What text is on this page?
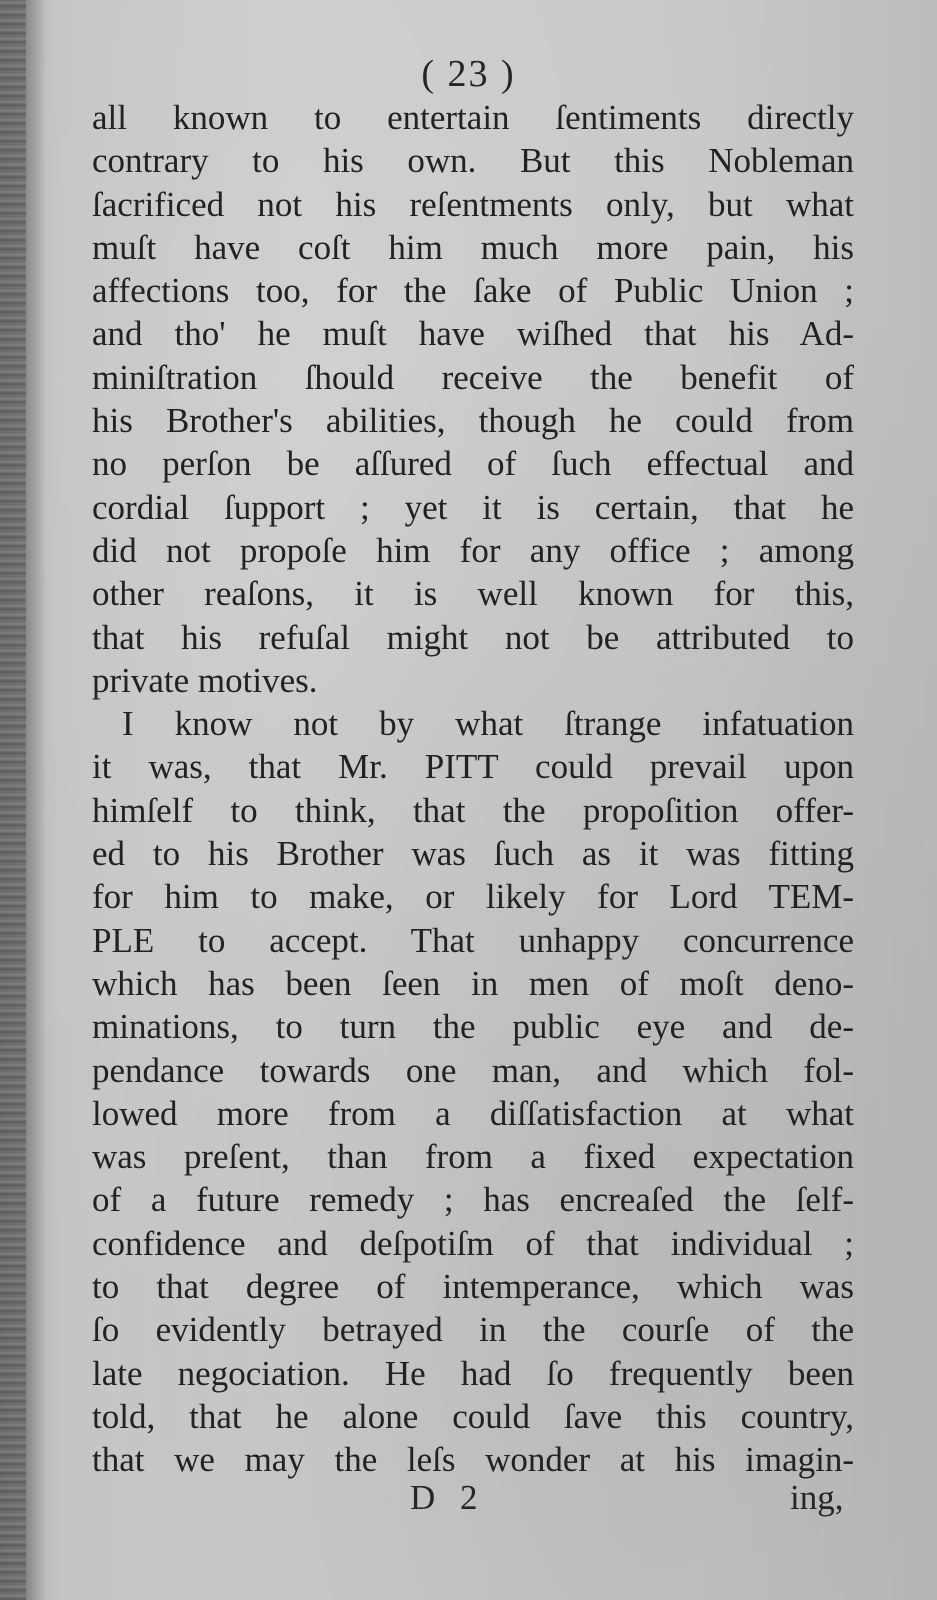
( 23 )
all known to entertain ſentiments directly
contrary to his own. But this Nobleman
ſacrificed not his reſentments only, but what
muſt have coſt him much more pain, his
affections too, for the ſake of Public Union ;
and tho' he muſt have wiſhed that his Ad-
miniſtration ſhould receive the benefit of
his Brother's abilities, though he could from
no perſon be aſſured of ſuch effectual and
cordial ſupport ; yet it is certain, that he
did not propoſe him for any office ; among
other reaſons, it is well known for this,
that his refuſal might not be attributed to
private motives.
I know not by what ſtrange infatuation
it was, that Mr. PITT could prevail upon
himſelf to think, that the propoſition offer-
ed to his Brother was ſuch as it was fitting
for him to make, or likely for Lord TEM-
PLE to accept. That unhappy concurrence
which has been ſeen in men of moſt deno-
minations, to turn the public eye and de-
pendance towards one man, and which fol-
lowed more from a diſſatisfaction at what
was preſent, than from a fixed expectation
of a future remedy ; has encreaſed the ſelf-
confidence and deſpotiſm of that individual ;
to that degree of intemperance, which was
ſo evidently betrayed in the courſe of the
late negociation. He had ſo frequently been
told, that he alone could ſave this country,
that we may the leſs wonder at his imagin-
D 2	ing,
